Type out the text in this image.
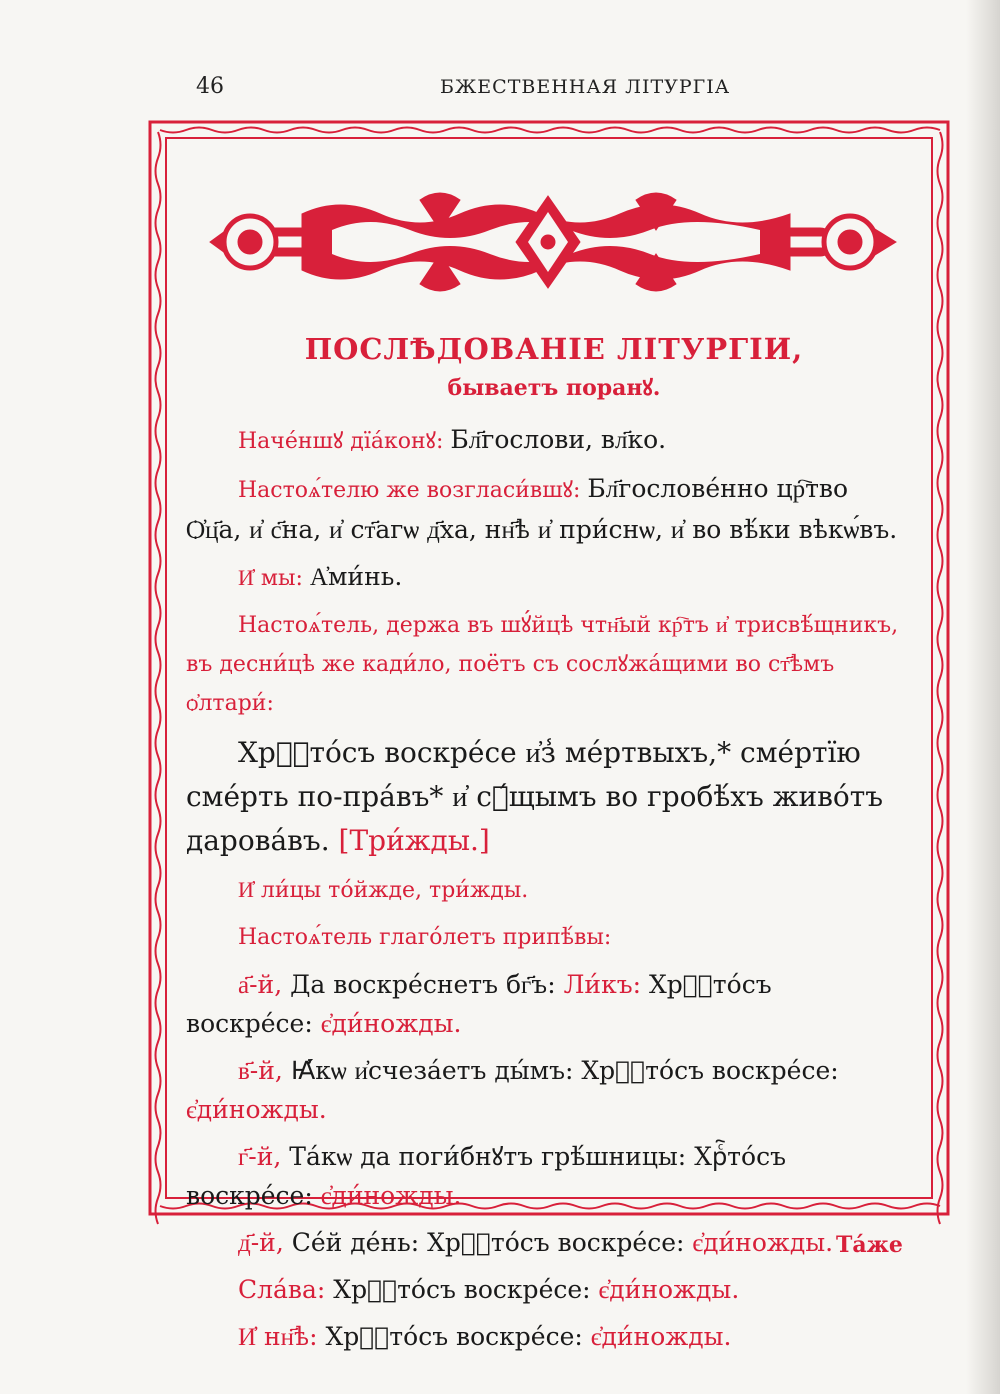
46	БЖЕСТВЕННАЯ ЛІТУРГІА
ПОСЛѢДОВАНІЕ ЛІТУРГІИ,
бываетъ поранꙋ.

Начéншꙋ дїáконꙋ: Бл҃гослови, вл҃ко.

Настоѧ́телю же возгласи́вшꙋ: Бл҃гословéнно цр҇тво Ѻ҆ц҃а, и҆ с҃на, и҆ ст҃агѡ д҃ха, нн҃ѣ и҆ при́снѡ, и҆ во вѣ́ки вѣкѡ́въ.

И҆ мы: А҆ми́нь.

Настоѧ́тель, держа въ шꙋ́йцѣ чтн҃ый кр҇тъ и҆ трисвѣ́щникъ, въ десни́цѣ же кади́ло, поётъ съ сослꙋжáщими во ст҃ѣмъ ѻ҆лтари́:

Хрⷭ҇то́съ воскре́се и҆з̾ ме́ртвыхъ,* сме́ртїю сме́рть по-пра́въ* и҆ сꙋ́щымъ во гробѣ́хъ живо́тъ дарова́въ. [Три́жды.]

И҆ ли́цы то́йжде, три́жды.

Настоѧ́тель глаго́летъ припѣ́вы:

а҃-й, Да воскре́снетъ бг҃ъ: Ли́къ: Хрⷭ҇то́съ воскре́се: є҆ди́ножды.

в҃-й, Ꙗ҆́кѡ и҆счеза́етъ ды́мъ: Хрⷭ҇то́съ воскре́се: є҆ди́ножды.

г҃-й, Тáкѡ да поги́бнꙋтъ грѣ́шницы: Хрⷭ҇то́съ воскре́се: є҆ди́ножды.

д҃-й, Се́й де́нь: Хрⷭ҇то́съ воскре́се: є҆ди́ножды.

Сла́ва: Хрⷭ҇то́съ воскре́се: є҆ди́ножды.

И҆ нн҃ѣ: Хрⷭ҇то́съ воскре́се: є҆ди́ножды.

Та́же
